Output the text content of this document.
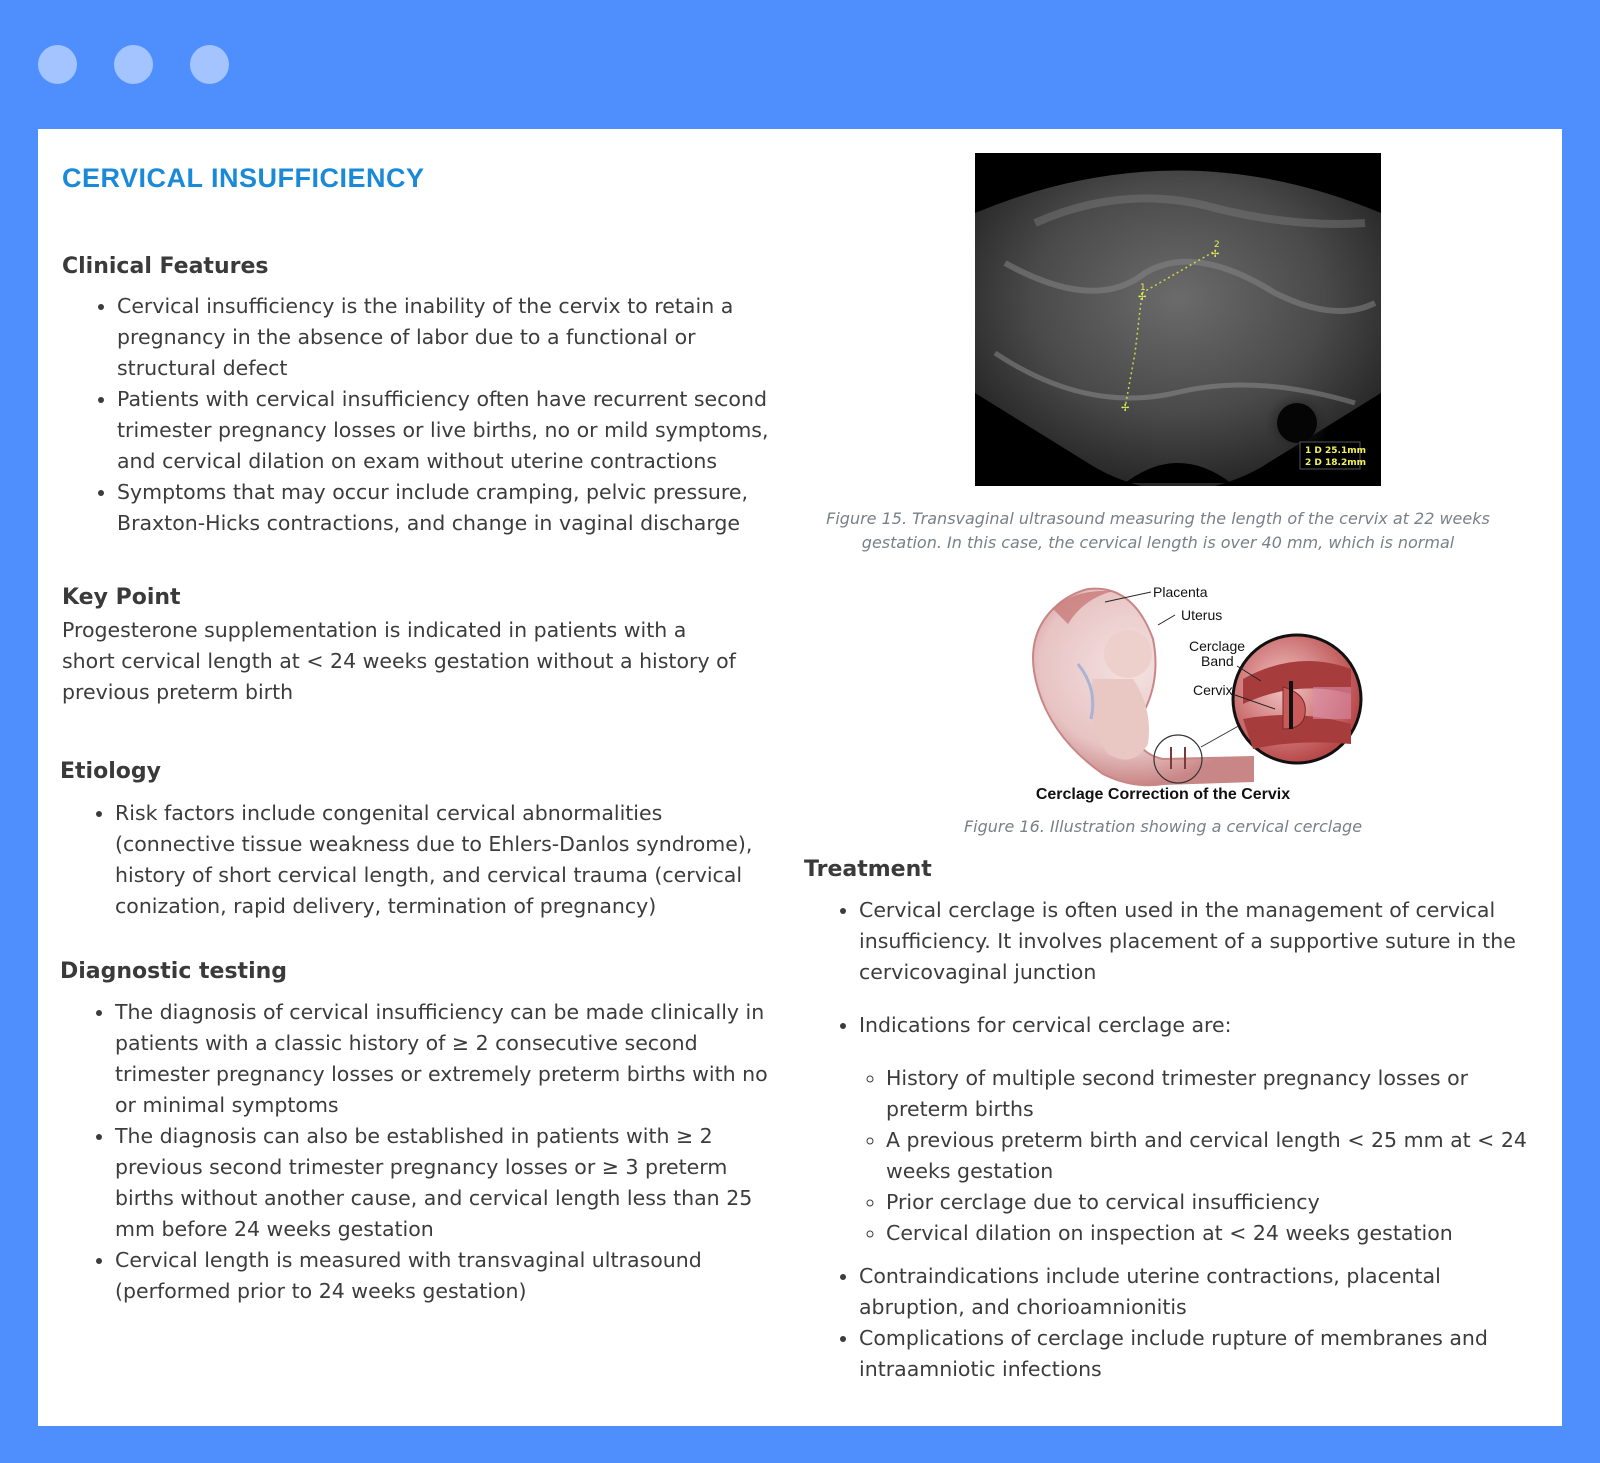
CERVICAL INSUFFICIENCY
Clinical Features
• Cervical insufficiency is the inability of the cervix to retain a pregnancy in the absence of labor due to a functional or structural defect
• Patients with cervical insufficiency often have recurrent second trimester pregnancy losses or live births, no or mild symptoms, and cervical dilation on exam without uterine contractions
• Symptoms that may occur include cramping, pelvic pressure, Braxton-Hicks contractions, and change in vaginal discharge
Key Point

Progesterone supplementation is indicated in patients with a short cervical length at < 24 weeks gestation without a history of previous preterm birth

Etiology
• Risk factors include congenital cervical abnormalities (connective tissue weakness due to Ehlers-Danlos syndrome), history of short cervical length, and cervical trauma (cervical conization, rapid delivery, termination of pregnancy)
Diagnostic testing
• The diagnosis of cervical insufficiency can be made clinically in patients with a classic history of ≥ 2 consecutive second trimester pregnancy losses or extremely preterm births with no or minimal symptoms
• The diagnosis can also be established in patients with ≥ 2 previous second trimester pregnancy losses or ≥ 3 preterm births without another cause, and cervical length less than 25 mm before 24 weeks gestation
• Cervical length is measured with transvaginal ultrasound (performed prior to 24 weeks gestation)
1
2
✢
✢
✢
1 D 25.1mm
2 D 18.2mm

Figure 15. Transvaginal ultrasound measuring the length of the cervix at 22 weeks gestation. In this case, the cervical length is over 40 mm, which is normal

Placenta
Uterus
Cerclage
Band
Cervix
Cerclage Correction of the Cervix

Figure 16. Illustration showing a cervical cerclage

Treatment
• Cervical cerclage is often used in the management of cervical insufficiency. It involves placement of a supportive suture in the cervicovaginal junction
• Indications for cervical cerclage are:
◦ History of multiple second trimester pregnancy losses or preterm births
◦ A previous preterm birth and cervical length < 25 mm at < 24 weeks gestation
◦ Prior cerclage due to cervical insufficiency
◦ Cervical dilation on inspection at < 24 weeks gestation
• Contraindications include uterine contractions, placental abruption, and chorioamnionitis
• Complications of cerclage include rupture of membranes and intraamniotic infections
